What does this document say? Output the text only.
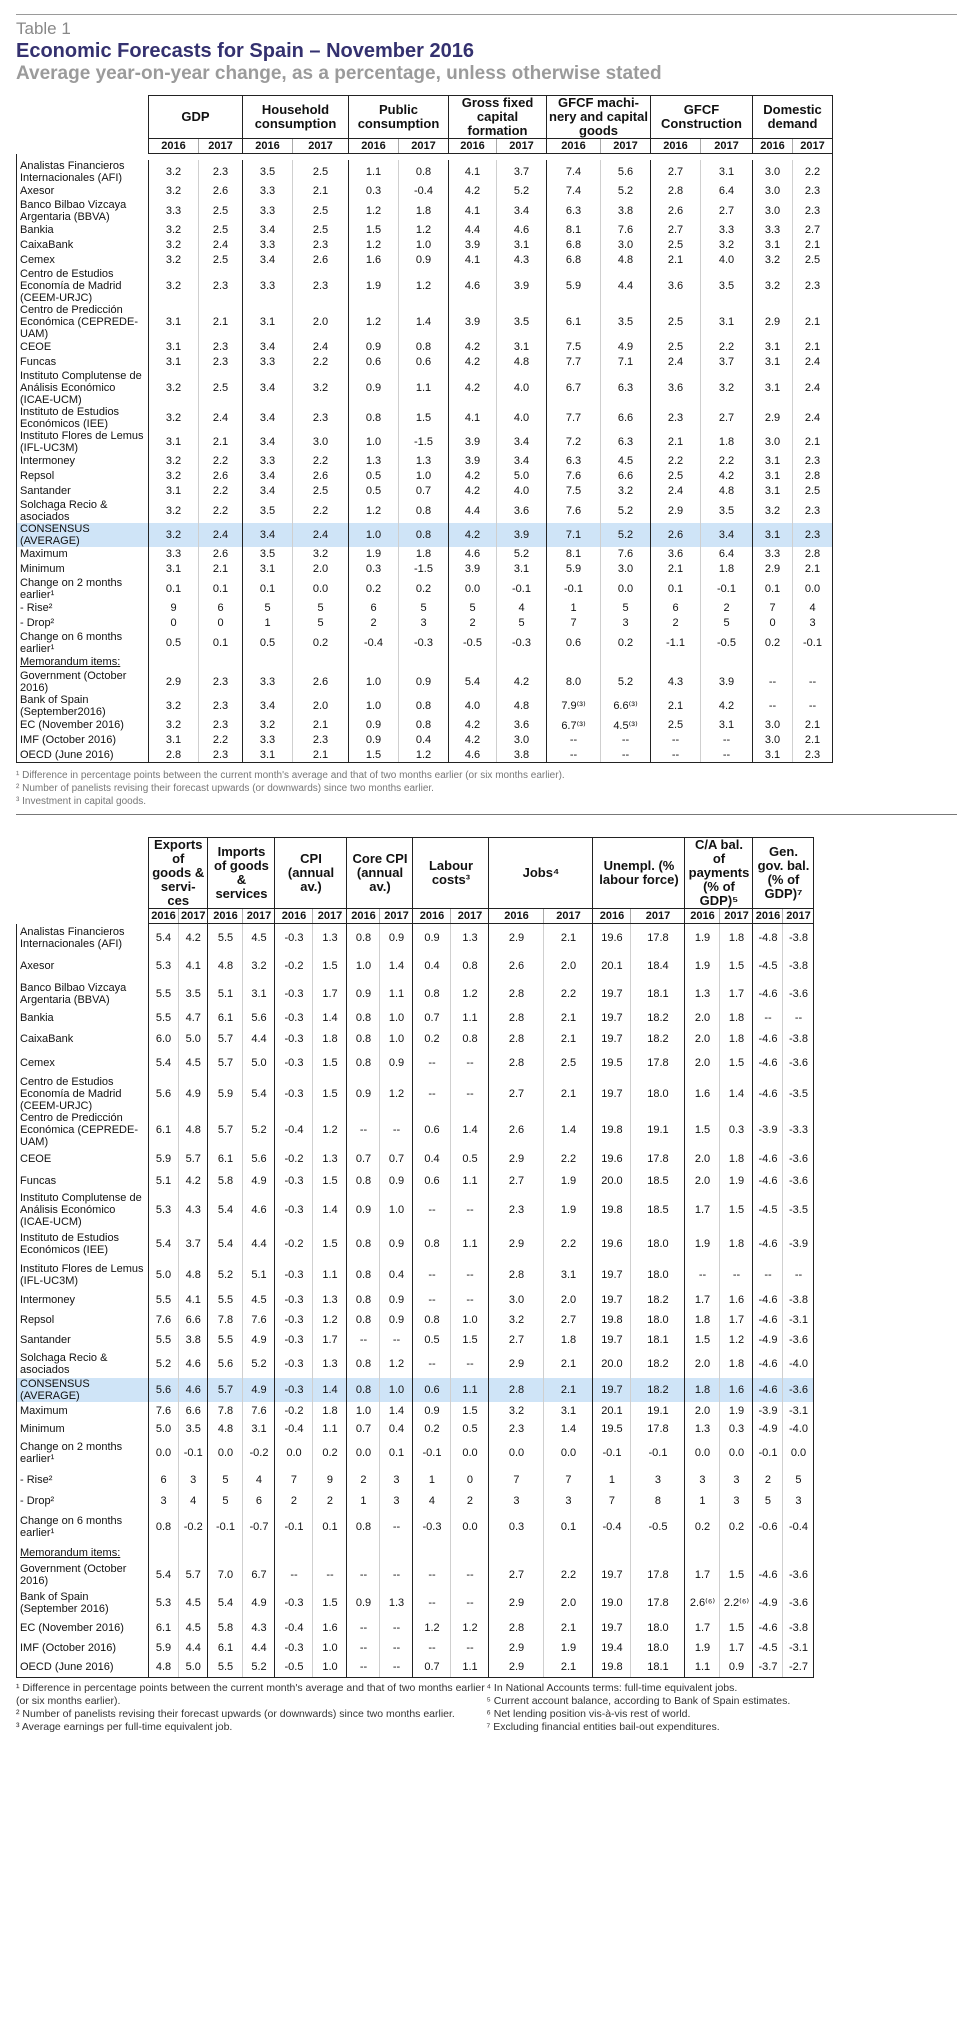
Table 1
Economic Forecasts for Spain – November 2016
Average year-on-year change, as a percentage, unless otherwise stated
	GDP		Household consumption		Public consumption		Gross fixed capital formation		GFCF machi-nery and capital goods		GFCF Construction		Domestic demand	
	2016	2017	2016	2017	2016	2017	2016	2017	2016	2017	2016	2017	2016	2017

Analistas Financieros Internacionales (AFI)	3.2	2.3	3.5	2.5	1.1	0.8	4.1	3.7	7.4	5.6	2.7	3.1	3.0	2.2
Axesor	3.2	2.6	3.3	2.1	0.3	-0.4	4.2	5.2	7.4	5.2	2.8	6.4	3.0	2.3
Banco Bilbao Vizcaya Argentaria (BBVA)	3.3	2.5	3.3	2.5	1.2	1.8	4.1	3.4	6.3	3.8	2.6	2.7	3.0	2.3
Bankia	3.2	2.5	3.4	2.5	1.5	1.2	4.4	4.6	8.1	7.6	2.7	3.3	3.3	2.7
CaixaBank	3.2	2.4	3.3	2.3	1.2	1.0	3.9	3.1	6.8	3.0	2.5	3.2	3.1	2.1
Cemex	3.2	2.5	3.4	2.6	1.6	0.9	4.1	4.3	6.8	4.8	2.1	4.0	3.2	2.5
Centro de Estudios Economía de Madrid (CEEM-URJC)	3.2	2.3	3.3	2.3	1.9	1.2	4.6	3.9	5.9	4.4	3.6	3.5	3.2	2.3
Centro de Predicción Económica (CEPREDE-UAM)	3.1	2.1	3.1	2.0	1.2	1.4	3.9	3.5	6.1	3.5	2.5	3.1	2.9	2.1
CEOE	3.1	2.3	3.4	2.4	0.9	0.8	4.2	3.1	7.5	4.9	2.5	2.2	3.1	2.1
Funcas	3.1	2.3	3.3	2.2	0.6	0.6	4.2	4.8	7.7	7.1	2.4	3.7	3.1	2.4
Instituto Complutense de Análisis Económico (ICAE-UCM)	3.2	2.5	3.4	3.2	0.9	1.1	4.2	4.0	6.7	6.3	3.6	3.2	3.1	2.4
Instituto de Estudios Económicos (IEE)	3.2	2.4	3.4	2.3	0.8	1.5	4.1	4.0	7.7	6.6	2.3	2.7	2.9	2.4
Instituto Flores de Lemus (IFL-UC3M)	3.1	2.1	3.4	3.0	1.0	-1.5	3.9	3.4	7.2	6.3	2.1	1.8	3.0	2.1
Intermoney	3.2	2.2	3.3	2.2	1.3	1.3	3.9	3.4	6.3	4.5	2.2	2.2	3.1	2.3
Repsol	3.2	2.6	3.4	2.6	0.5	1.0	4.2	5.0	7.6	6.6	2.5	4.2	3.1	2.8
Santander	3.1	2.2	3.4	2.5	0.5	0.7	4.2	4.0	7.5	3.2	2.4	4.8	3.1	2.5
Solchaga Recio & asociados	3.2	2.2	3.5	2.2	1.2	0.8	4.4	3.6	7.6	5.2	2.9	3.5	3.2	2.3
CONSENSUS (AVERAGE)	3.2	2.4	3.4	2.4	1.0	0.8	4.2	3.9	7.1	5.2	2.6	3.4	3.1	2.3
Maximum	3.3	2.6	3.5	3.2	1.9	1.8	4.6	5.2	8.1	7.6	3.6	6.4	3.3	2.8
Minimum	3.1	2.1	3.1	2.0	0.3	-1.5	3.9	3.1	5.9	3.0	2.1	1.8	2.9	2.1
Change on 2 months earlier¹	0.1	0.1	0.1	0.0	0.2	0.2	0.0	-0.1	-0.1	0.0	0.1	-0.1	0.1	0.0
- Rise²	9	6	5	5	6	5	5	4	1	5	6	2	7	4
- Drop²	0	0	1	5	2	3	2	5	7	3	2	5	0	3
Change on 6 months earlier¹	0.5	0.1	0.5	0.2	-0.4	-0.3	-0.5	-0.3	0.6	0.2	-1.1	-0.5	0.2	-0.1
Memorandum items:														
Government (October 2016)	2.9	2.3	3.3	2.6	1.0	0.9	5.4	4.2	8.0	5.2	4.3	3.9	--	--
Bank of Spain (September2016)	3.2	2.3	3.4	2.0	1.0	0.8	4.0	4.8	7.9⁽³⁾	6.6⁽³⁾	2.1	4.2	--	--
EC (November 2016)	3.2	2.3	3.2	2.1	0.9	0.8	4.2	3.6	6.7⁽³⁾	4.5⁽³⁾	2.5	3.1	3.0	2.1
IMF (October 2016)	3.1	2.2	3.3	2.3	0.9	0.4	4.2	3.0	--	--	--	--	3.0	2.1
OECD (June 2016)	2.8	2.3	3.1	2.1	1.5	1.2	4.6	3.8	--	--	--	--	3.1	2.3
¹ Difference in percentage points between the current month's average and that of two months earlier (or six months earlier).
² Number of panelists revising their forecast upwards (or downwards) since two months earlier.
³ Investment in capital goods.
	Exports of goods & servi-ces		Imports of goods & services		CPI (annual av.)		Core CPI (annual av.)		Labour costs³		Jobs⁴		Unempl. (% labour force)		C/A bal. of payments (% of GDP)⁵		Gen. gov. bal. (% of GDP)⁷	
	2016	2017	2016	2017	2016	2017	2016	2017	2016	2017	2016	2017	2016	2017	2016	2017	2016	2017
Analistas Financieros Internacionales (AFI)	5.4	4.2	5.5	4.5	-0.3	1.3	0.8	0.9	0.9	1.3	2.9	2.1	19.6	17.8	1.9	1.8	-4.8	-3.8
Axesor	5.3	4.1	4.8	3.2	-0.2	1.5	1.0	1.4	0.4	0.8	2.6	2.0	20.1	18.4	1.9	1.5	-4.5	-3.8
Banco Bilbao Vizcaya Argentaria (BBVA)	5.5	3.5	5.1	3.1	-0.3	1.7	0.9	1.1	0.8	1.2	2.8	2.2	19.7	18.1	1.3	1.7	-4.6	-3.6
Bankia	5.5	4.7	6.1	5.6	-0.3	1.4	0.8	1.0	0.7	1.1	2.8	2.1	19.7	18.2	2.0	1.8	--	--
CaixaBank	6.0	5.0	5.7	4.4	-0.3	1.8	0.8	1.0	0.2	0.8	2.8	2.1	19.7	18.2	2.0	1.8	-4.6	-3.8
Cemex	5.4	4.5	5.7	5.0	-0.3	1.5	0.8	0.9	--	--	2.8	2.5	19.5	17.8	2.0	1.5	-4.6	-3.6
Centro de Estudios Economía de Madrid (CEEM-URJC)	5.6	4.9	5.9	5.4	-0.3	1.5	0.9	1.2	--	--	2.7	2.1	19.7	18.0	1.6	1.4	-4.6	-3.5
Centro de Predicción Económica (CEPREDE-UAM)	6.1	4.8	5.7	5.2	-0.4	1.2	--	--	0.6	1.4	2.6	1.4	19.8	19.1	1.5	0.3	-3.9	-3.3
CEOE	5.9	5.7	6.1	5.6	-0.2	1.3	0.7	0.7	0.4	0.5	2.9	2.2	19.6	17.8	2.0	1.8	-4.6	-3.6
Funcas	5.1	4.2	5.8	4.9	-0.3	1.5	0.8	0.9	0.6	1.1	2.7	1.9	20.0	18.5	2.0	1.9	-4.6	-3.6
Instituto Complutense de Análisis Económico (ICAE-UCM)	5.3	4.3	5.4	4.6	-0.3	1.4	0.9	1.0	--	--	2.3	1.9	19.8	18.5	1.7	1.5	-4.5	-3.5
Instituto de Estudios Económicos (IEE)	5.4	3.7	5.4	4.4	-0.2	1.5	0.8	0.9	0.8	1.1	2.9	2.2	19.6	18.0	1.9	1.8	-4.6	-3.9
Instituto Flores de Lemus (IFL-UC3M)	5.0	4.8	5.2	5.1	-0.3	1.1	0.8	0.4	--	--	2.8	3.1	19.7	18.0	--	--	--	--
Intermoney	5.5	4.1	5.5	4.5	-0.3	1.3	0.8	0.9	--	--	3.0	2.0	19.7	18.2	1.7	1.6	-4.6	-3.8
Repsol	7.6	6.6	7.8	7.6	-0.3	1.2	0.8	0.9	0.8	1.0	3.2	2.7	19.8	18.0	1.8	1.7	-4.6	-3.1
Santander	5.5	3.8	5.5	4.9	-0.3	1.7	--	--	0.5	1.5	2.7	1.8	19.7	18.1	1.5	1.2	-4.9	-3.6
Solchaga Recio & asociados	5.2	4.6	5.6	5.2	-0.3	1.3	0.8	1.2	--	--	2.9	2.1	20.0	18.2	2.0	1.8	-4.6	-4.0
CONSENSUS (AVERAGE)	5.6	4.6	5.7	4.9	-0.3	1.4	0.8	1.0	0.6	1.1	2.8	2.1	19.7	18.2	1.8	1.6	-4.6	-3.6
Maximum	7.6	6.6	7.8	7.6	-0.2	1.8	1.0	1.4	0.9	1.5	3.2	3.1	20.1	19.1	2.0	1.9	-3.9	-3.1
Minimum	5.0	3.5	4.8	3.1	-0.4	1.1	0.7	0.4	0.2	0.5	2.3	1.4	19.5	17.8	1.3	0.3	-4.9	-4.0
Change on 2 months earlier¹	0.0	-0.1	0.0	-0.2	0.0	0.2	0.0	0.1	-0.1	0.0	0.0	0.0	-0.1	-0.1	0.0	0.0	-0.1	0.0
- Rise²	6	3	5	4	7	9	2	3	1	0	7	7	1	3	3	3	2	5
- Drop²	3	4	5	6	2	2	1	3	4	2	3	3	7	8	1	3	5	3
Change on 6 months earlier¹	0.8	-0.2	-0.1	-0.7	-0.1	0.1	0.8	--	-0.3	0.0	0.3	0.1	-0.4	-0.5	0.2	0.2	-0.6	-0.4
Memorandum items:																		
Government (October 2016)	5.4	5.7	7.0	6.7	--	--	--	--	--	--	2.7	2.2	19.7	17.8	1.7	1.5	-4.6	-3.6
Bank of Spain (September 2016)	5.3	4.5	5.4	4.9	-0.3	1.5	0.9	1.3	--	--	2.9	2.0	19.0	17.8	2.6⁽⁶⁾	2.2⁽⁶⁾	-4.9	-3.6
EC (November 2016)	6.1	4.5	5.8	4.3	-0.4	1.6	--	--	1.2	1.2	2.8	2.1	19.7	18.0	1.7	1.5	-4.6	-3.8
IMF (October 2016)	5.9	4.4	6.1	4.4	-0.3	1.0	--	--	--	--	2.9	1.9	19.4	18.0	1.9	1.7	-4.5	-3.1
OECD (June 2016)	4.8	5.0	5.5	5.2	-0.5	1.0	--	--	0.7	1.1	2.9	2.1	19.8	18.1	1.1	0.9	-3.7	-2.7
¹ Difference in percentage points between the current month's average and that of two months earlier (or six months earlier).
² Number of panelists revising their forecast upwards (or downwards) since two months earlier.
³ Average earnings per full-time equivalent job.
⁴ In National Accounts terms: full-time equivalent jobs.
⁵ Current account balance, according to Bank of Spain estimates.
⁶ Net lending position vis-à-vis rest of world.
⁷ Excluding financial entities bail-out expenditures.
